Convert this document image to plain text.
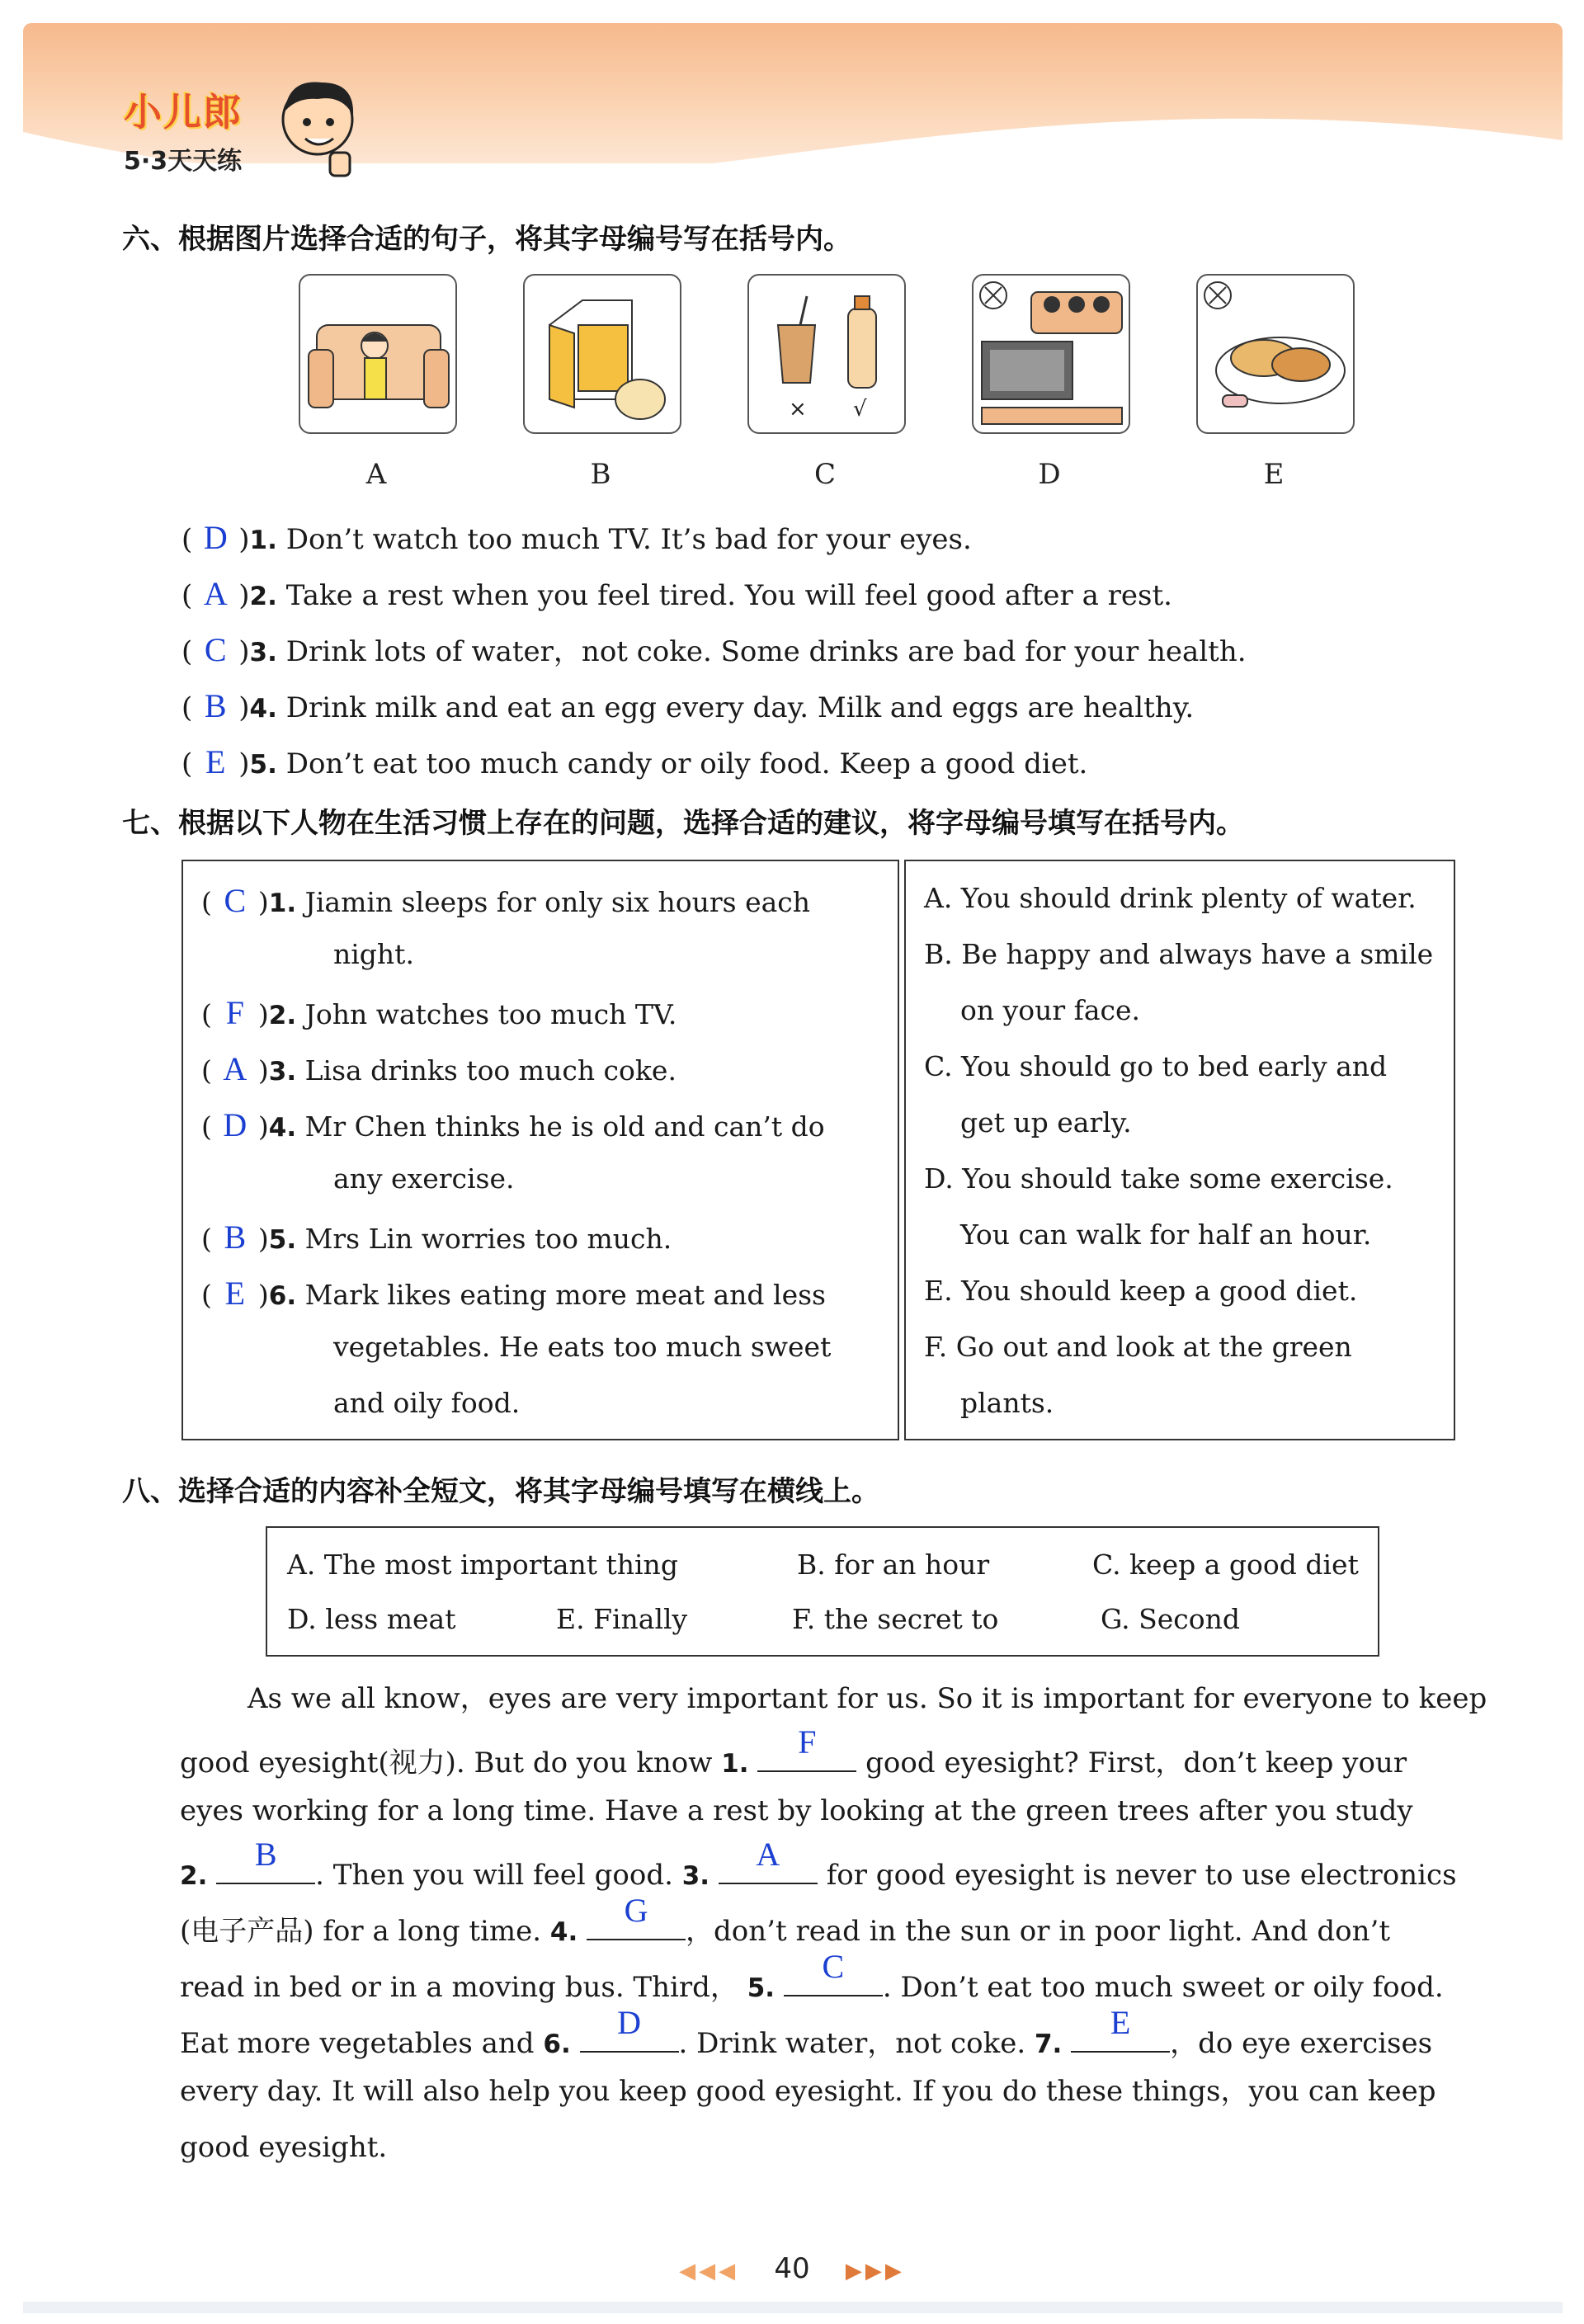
小儿郎
5·3天天练
六、根据图片选择合适的句子，将其字母编号写在括号内。
× √
A	B	C	D	E
( D )1. Don’t watch too much TV. It’s bad for your eyes.
( A )2. Take a rest when you feel tired. You will feel good after a rest.
( C )3. Drink lots of water，not coke. Some drinks are bad for your health.
( B )4. Drink milk and eat an egg every day. Milk and eggs are healthy.
( E )5. Don’t eat too much candy or oily food. Keep a good diet.
七、根据以下人物在生活习惯上存在的问题，选择合适的建议，将字母编号填写在括号内。
( C )1. Jiamin sleeps for only six hours each
night.
( F )2. John watches too much TV.
( A )3. Lisa drinks too much coke.
( D )4. Mr Chen thinks he is old and can’t do
any exercise.
( B )5. Mrs Lin worries too much.
( E )6. Mark likes eating more meat and less
vegetables. He eats too much sweet
and oily food.
A. You should drink plenty of water.
B. Be happy and always have a smile
on your face.
C. You should go to bed early and
get up early.
D. You should take some exercise.
You can walk for half an hour.
E. You should keep a good diet.
F. Go out and look at the green
plants.
八、选择合适的内容补全短文，将其字母编号填写在横线上。
A. The most important thing	B. for an hour	C. keep a good diet
D. less meat	E. Finally	F. the secret to	G. Second
As we all know，eyes are very important for us. So it is important for everyone to keep
good eyesight(视力). But do you know 1.
F
good eyesight? First，don’t keep your
eyes working for a long time. Have a rest by looking at the green trees after you study
2.
B
. Then you will feel good. 3.
A
for good eyesight is never to use electronics
(电子产品) for a long time. 4.
G
，don’t read in the sun or in poor light. And don’t
read in bed or in a moving bus. Third， 5.
C
. Don’t eat too much sweet or oily food.
Eat more vegetables and 6.
D
. Drink water，not coke. 7.
E
，do eye exercises
every day. It will also help you keep good eyesight. If you do these things，you can keep
good eyesight.
◀◀◀ 40 ▶▶▶
